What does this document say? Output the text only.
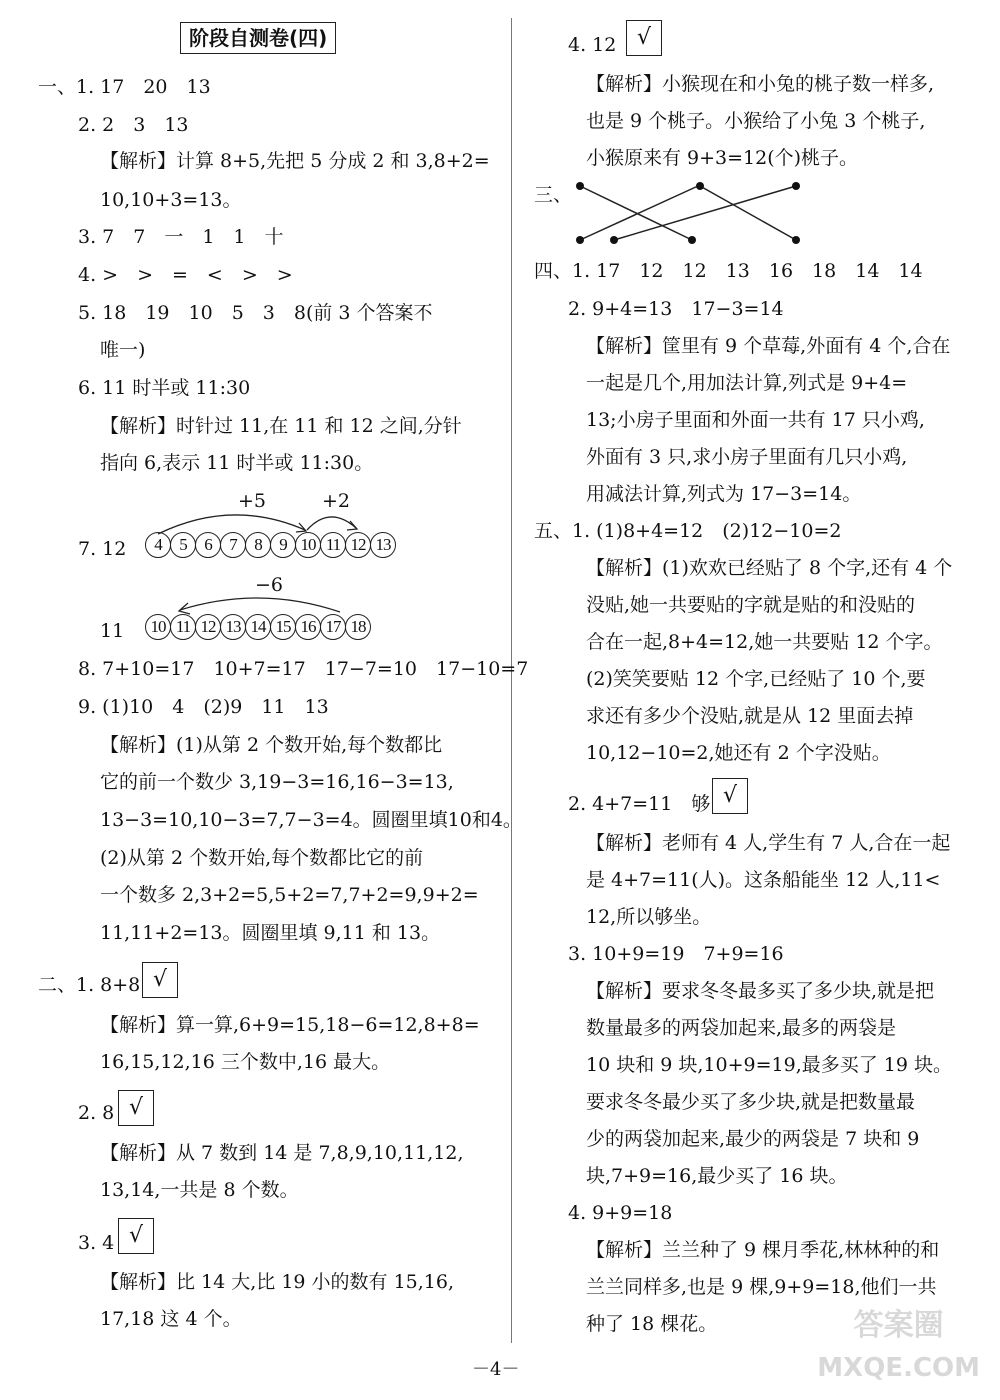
阶段自测卷(四)
一、1. 17　20　13
2. 2　3　13
【解析】计算 8+5,先把 5 分成 2 和 3,8+2=
10,10+3=13。
3. 7　7　一　1　1　十
4. >　>　=　<　>　>
5. 18　19　10　5　3　8(前 3 个答案不
唯一)
6. 11 时半或 11:30
【解析】时针过 11,在 11 和 12 之间,分针
指向 6,表示 11 时半或 11:30。
+5	+2
7. 12	4	5	6	7	8	9 10 11 12 13
−6
11	10 11 12 13 14 15 16 17 18
8. 7+10=17　10+7=17　17−7=10　17−10=7
9. (1)10　4　(2)9　11　13
【解析】(1)从第 2 个数开始,每个数都比
它的前一个数少 3,19−3=16,16−3=13,
13−3=10,10−3=7,7−3=4。圆圈里填10和4。
(2)从第 2 个数开始,每个数都比它的前
一个数多 2,3+2=5,5+2=7,7+2=9,9+2=
11,11+2=13。圆圈里填 9,11 和 13。
二、1. 8+8 √
【解析】算一算,6+9=15,18−6=12,8+8=
16,15,12,16 三个数中,16 最大。
2. 8 √
【解析】从 7 数到 14 是 7,8,9,10,11,12,
13,14,一共是 8 个数。
3. 4 √
【解析】比 14 大,比 19 小的数有 15,16,
17,18 这 4 个。
4. 12 √
【解析】小猴现在和小兔的桃子数一样多,
也是 9 个桃子。小猴给了小兔 3 个桃子,
小猴原来有 9+3=12(个)桃子。
三、
四、1. 17　12　12　13　16　18　14　14
2. 9+4=13　17−3=14
【解析】筐里有 9 个草莓,外面有 4 个,合在
一起是几个,用加法计算,列式是 9+4=
13;小房子里面和外面一共有 17 只小鸡,
外面有 3 只,求小房子里面有几只小鸡,
用减法计算,列式为 17−3=14。
五、1. (1)8+4=12　(2)12−10=2
【解析】(1)欢欢已经贴了 8 个字,还有 4 个
没贴,她一共要贴的字就是贴的和没贴的
合在一起,8+4=12,她一共要贴 12 个字。
(2)笑笑要贴 12 个字,已经贴了 10 个,要
求还有多少个没贴,就是从 12 里面去掉
10,12−10=2,她还有 2 个字没贴。
2. 4+7=11　够 √
【解析】老师有 4 人,学生有 7 人,合在一起
是 4+7=11(人)。这条船能坐 12 人,11<
12,所以够坐。
3. 10+9=19　7+9=16
【解析】要求冬冬最多买了多少块,就是把
数量最多的两袋加起来,最多的两袋是
10 块和 9 块,10+9=19,最多买了 19 块。
要求冬冬最少买了多少块,就是把数量最
少的两袋加起来,最少的两袋是 7 块和 9
块,7+9=16,最少买了 16 块。
4. 9+9=18
【解析】兰兰种了 9 棵月季花,林林种的和
兰兰同样多,也是 9 棵,9+9=18,他们一共
种了 18 棵花。
－4－
答案圈
MXQE.COM
